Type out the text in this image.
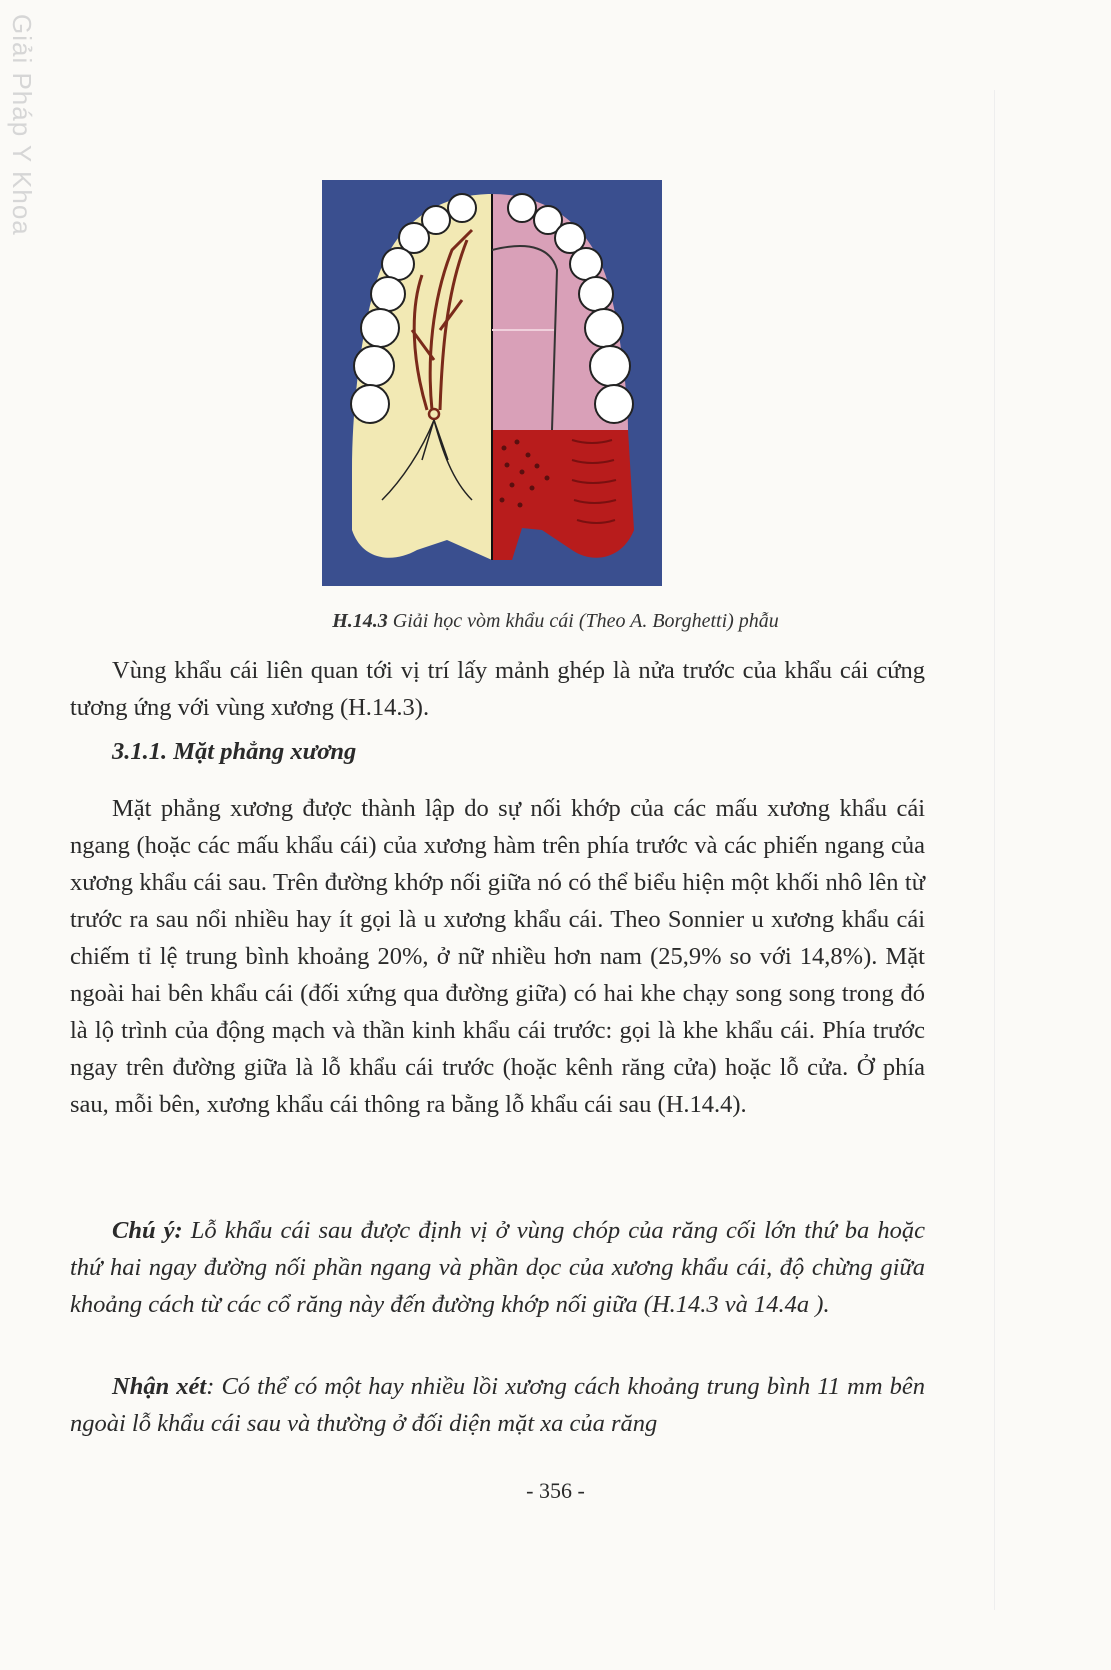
Giải Pháp Y Khoa
H.14.3 Giải học vòm khẩu cái (Theo A. Borghetti) phẫu

Vùng khẩu cái liên quan tới vị trí lấy mảnh ghép là nửa trước của khẩu cái cứng tương ứng với vùng xương (H.14.3).

3.1.1. Mặt phẳng xương

Mặt phẳng xương được thành lập do sự nối khớp của các mấu xương khẩu cái ngang (hoặc các mấu khẩu cái) của xương hàm trên phía trước và các phiến ngang của xương khẩu cái sau. Trên đường khớp nối giữa nó có thể biểu hiện một khối nhô lên từ trước ra sau nổi nhiều hay ít gọi là u xương khẩu cái. Theo Sonnier u xương khẩu cái chiếm tỉ lệ trung bình khoảng 20%, ở nữ nhiều hơn nam (25,9% so với 14,8%). Mặt ngoài hai bên khẩu cái (đối xứng qua đường giữa) có hai khe chạy song song trong đó là lộ trình của động mạch và thần kinh khẩu cái trước: gọi là khe khẩu cái. Phía trước ngay trên đường giữa là lỗ khẩu cái trước (hoặc kênh răng cửa) hoặc lỗ cửa. Ở phía sau, mỗi bên, xương khẩu cái thông ra bằng lỗ khẩu cái sau (H.14.4).

Chú ý: Lỗ khẩu cái sau được định vị ở vùng chóp của răng cối lớn thứ ba hoặc thứ hai ngay đường nối phần ngang và phần dọc của xương khẩu cái, độ chừng giữa khoảng cách từ các cổ răng này đến đường khớp nối giữa (H.14.3 và 14.4a ).

Nhận xét: Có thể có một hay nhiều lồi xương cách khoảng trung bình 11 mm bên ngoài lỗ khẩu cái sau và thường ở đối diện mặt xa của răng

- 356 -
